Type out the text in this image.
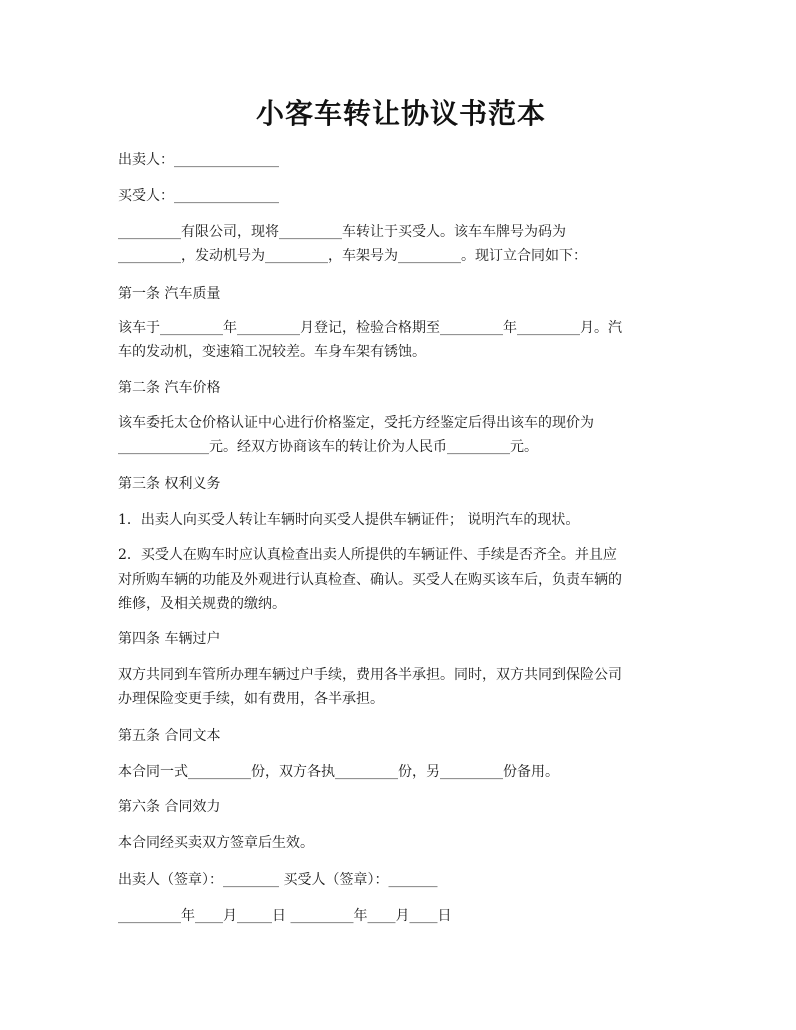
小客车转让协议书范本
出卖人：_______________
买受人：_______________
_________有限公司，现将_________车转让于买受人。该车车牌号为码为
_________，发动机号为_________，车架号为_________。现订立合同如下：
第一条 汽车质量
该车于_________年_________月登记，检验合格期至_________年_________月。汽
车的发动机，变速箱工况较差。车身车架有锈蚀。
第二条 汽车价格
该车委托太仓价格认证中心进行价格鉴定，受托方经鉴定后得出该车的现价为
_____________元。经双方协商该车的转让价为人民币_________元。
第三条 权利义务
1．出卖人向买受人转让车辆时向买受人提供车辆证件； 说明汽车的现状。
2．买受人在购车时应认真检查出卖人所提供的车辆证件、手续是否齐全。并且应
对所购车辆的功能及外观进行认真检查、确认。买受人在购买该车后，负责车辆的
维修，及相关规费的缴纳。
第四条 车辆过户
双方共同到车管所办理车辆过户手续，费用各半承担。同时，双方共同到保险公司
办理保险变更手续，如有费用，各半承担。
第五条 合同文本
本合同一式_________份，双方各执_________份，另_________份备用。
第六条 合同效力
本合同经买卖双方签章后生效。
出卖人（签章）：________ 买受人（签章）：_______
_________年____月_____日 _________年____月____日
